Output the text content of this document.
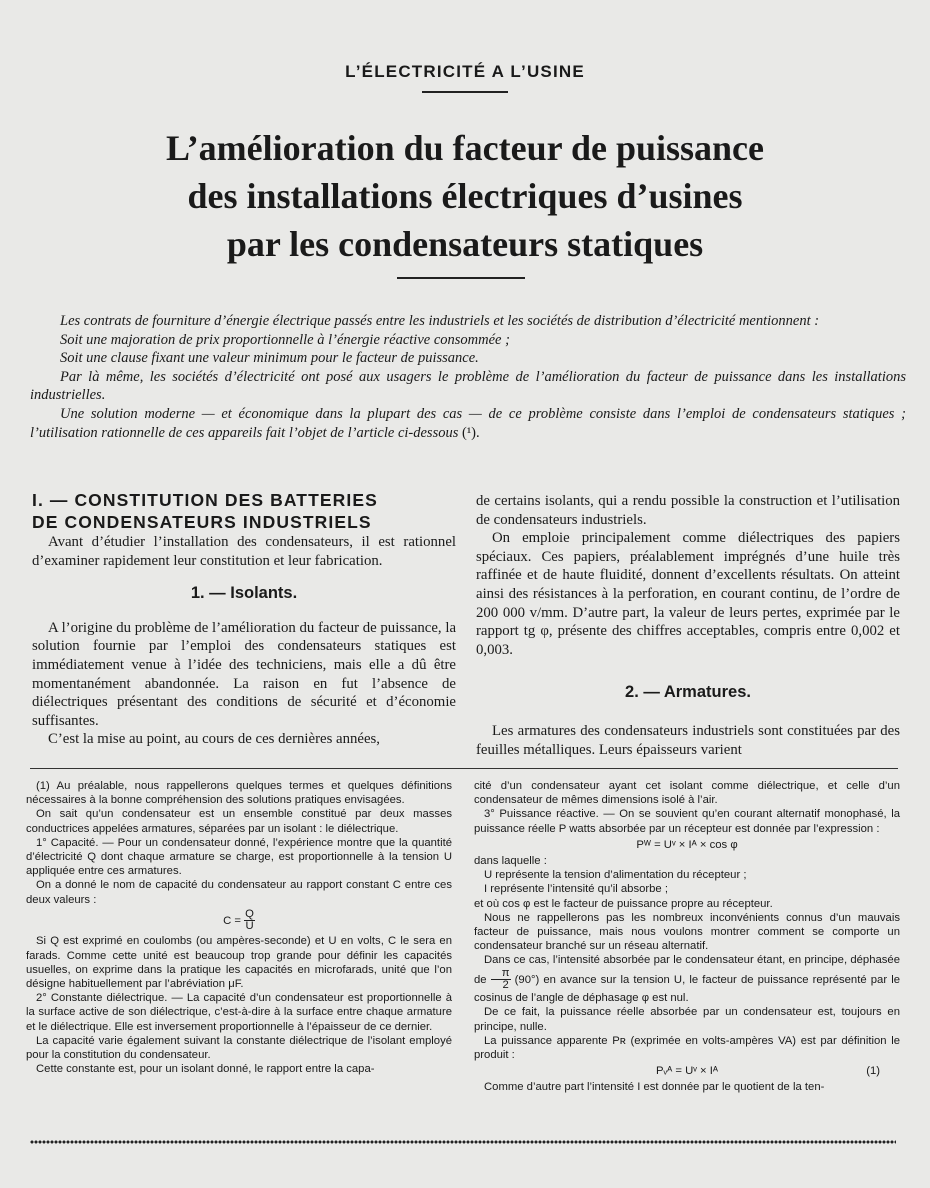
L’ÉLECTRICITÉ A L’USINE
L’amélioration du facteur de puissance
des installations électriques d’usines
par les condensateurs statiques

Les contrats de fourniture d’énergie électrique passés entre les industriels et les sociétés de distribution d’électricité mentionnent :

Soit une majoration de prix proportionnelle à l’énergie réactive consommée ;

Soit une clause fixant une valeur minimum pour le facteur de puissance.

Par là même, les sociétés d’électricité ont posé aux usagers le problème de l’amélioration du facteur de puissance dans les installations industrielles.

Une solution moderne — et économique dans la plupart des cas — de ce problème consiste dans l’emploi de condensateurs statiques ; l’utilisation rationnelle de ces appareils fait l’objet de l’article ci-dessous (¹).

I. — CONSTITUTION DES BATTERIES
DE CONDENSATEURS INDUSTRIELS

Avant d’étudier l’installation des condensateurs, il est rationnel d’examiner rapidement leur constitution et leur fabrication.

1. — Isolants.

A l’origine du problème de l’amélioration du facteur de puissance, la solution fournie par l’emploi des condensateurs statiques est immédiatement venue à l’idée des techniciens, mais elle a dû être momentanément abandonnée. La raison en fut l’absence de diélectriques présentant des conditions de sécurité et d’économie suffisantes.

C’est la mise au point, au cours de ces dernières années,

de certains isolants, qui a rendu possible la construction et l’utilisation de condensateurs industriels.

On emploie principalement comme diélectriques des papiers spéciaux. Ces papiers, préalablement imprégnés d’une huile très raffinée et de haute fluidité, donnent d’excellents résultats. On atteint ainsi des résistances à la perforation, en courant continu, de l’ordre de 200 000 v/mm. D’autre part, la valeur de leurs pertes, exprimée par le rapport tg φ, présente des chiffres acceptables, compris entre 0,002 et 0,003.

2. — Armatures.

Les armatures des condensateurs industriels sont constituées par des feuilles métalliques. Leurs épaisseurs varient

(1) Au préalable, nous rappellerons quelques termes et quelques définitions nécessaires à la bonne compréhension des solutions pratiques envisagées.

On sait qu’un condensateur est un ensemble constitué par deux masses conductrices appelées armatures, séparées par un isolant : le diélectrique.

1° Capacité. — Pour un condensateur donné, l’expérience montre que la quantité d’électricité Q dont chaque armature se charge, est proportionnelle à la tension U appliquée entre ces armatures.

On a donné le nom de capacité du condensateur au rapport constant C entre ces deux valeurs :

$C = \frac{Q}{U}$

Si Q est exprimé en coulombs (ou ampères-seconde) et U en volts, C le sera en farads. Comme cette unité est beaucoup trop grande pour définir les capacités usuelles, on exprime dans la pratique les capacités en microfarads, unité que l’on désigne habituellement par l’abréviation μF.

2° Constante diélectrique. — La capacité d’un condensateur est proportionnelle à la surface active de son diélectrique, c’est-à-dire à la surface entre chaque armature et le diélectrique. Elle est inversement proportionnelle à l’épaisseur de ce dernier.

La capacité varie également suivant la constante diélectrique de l’isolant employé pour la constitution du condensateur.

Cette constante est, pour un isolant donné, le rapport entre la capa-

cité d’un condensateur ayant cet isolant comme diélectrique, et celle d’un condensateur de mêmes dimensions isolé à l’air.

3° Puissance réactive. — On se souvient qu’en courant alternatif monophasé, la puissance réelle P watts absorbée par un récepteur est donnée par l’expression :

Pᵂ = Uᵛ × Iᴬ × cos φ

dans laquelle :

U représente la tension d’alimentation du récepteur ;

I représente l’intensité qu’il absorbe ;

et où cos φ est le facteur de puissance propre au récepteur.

Nous ne rappellerons pas les nombreux inconvénients connus d’un mauvais facteur de puissance, mais nous voulons montrer comment se comporte un condensateur branché sur un réseau alternatif.

Dans ce cas, l’intensité absorbée par le condensateur étant, en principe, déphasée de $\frac{\pi}{2} (90^\circ)$ en avance sur la tension U, le facteur de puissance représenté par le cosinus de l’angle de déphasage φ est nul.

De ce fait, la puissance réelle absorbée par un condensateur est, toujours en principe, nulle.

La puissance apparente Pʀ (exprimée en volts-ampères VA) est par définition le produit :

Pᵥᴬ = Uᵛ × Iᴬ	(1)

Comme d’autre part l’intensité I est donnée par le quotient de la ten-
